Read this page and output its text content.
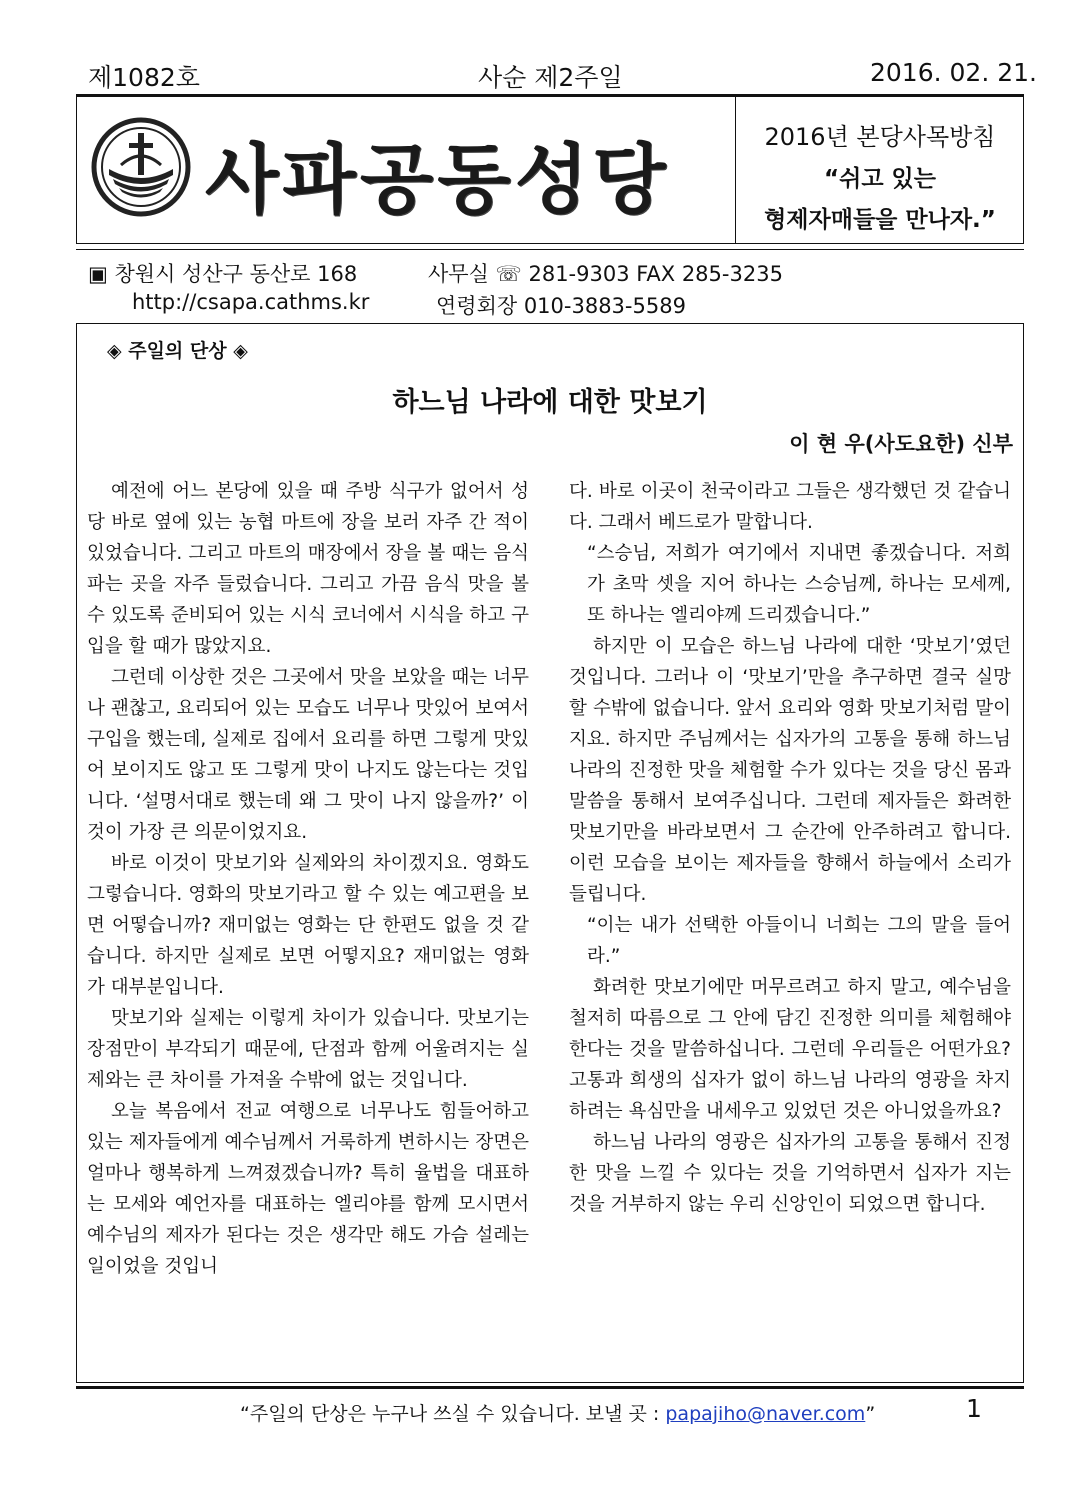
제1082호	사순 제2주일	2016. 02. 21.
사파공동성당	2016년 본당사목방침
“쉬고 있는
형제자매들을 만나자.”
▣ 창원시 성산구 동산로 168	사무실 ☏ 281-9303 FAX 285-3235
http://csapa.cathms.kr	연령회장 010-3883-5589
◈ 주일의 단상 ◈
하느님 나라에 대한 맛보기
이 현 우(사도요한) 신부

예전에 어느 본당에 있을 때 주방 식구가 없어서 성당 바로 옆에 있는 농협 마트에 장을 보러 자주 간 적이 있었습니다. 그리고 마트의 매장에서 장을 볼 때는 음식 파는 곳을 자주 들렀습니다. 그리고 가끔 음식 맛을 볼 수 있도록 준비되어 있는 시식 코너에서 시식을 하고 구입을 할 때가 많았지요.

그런데 이상한 것은 그곳에서 맛을 보았을 때는 너무나 괜찮고, 요리되어 있는 모습도 너무나 맛있어 보여서 구입을 했는데, 실제로 집에서 요리를 하면 그렇게 맛있어 보이지도 않고 또 그렇게 맛이 나지도 않는다는 것입니다. ‘설명서대로 했는데 왜 그 맛이 나지 않을까?’ 이것이 가장 큰 의문이었지요.

바로 이것이 맛보기와 실제와의 차이겠지요. 영화도 그렇습니다. 영화의 맛보기라고 할 수 있는 예고편을 보면 어떻습니까? 재미없는 영화는 단 한편도 없을 것 같습니다. 하지만 실제로 보면 어떻지요? 재미없는 영화가 대부분입니다.

맛보기와 실제는 이렇게 차이가 있습니다. 맛보기는 장점만이 부각되기 때문에, 단점과 함께 어울려지는 실제와는 큰 차이를 가져올 수밖에 없는 것입니다.

오늘 복음에서 전교 여행으로 너무나도 힘들어하고 있는 제자들에게 예수님께서 거룩하게 변하시는 장면은 얼마나 행복하게 느껴졌겠습니까? 특히 율법을 대표하는 모세와 예언자를 대표하는 엘리야를 함께 모시면서 예수님의 제자가 된다는 것은 생각만 해도 가슴 설레는 일이었을 것입니

다. 바로 이곳이 천국이라고 그들은 생각했던 것 같습니다. 그래서 베드로가 말합니다.

“스승님, 저희가 여기에서 지내면 좋겠습니다. 저희가 초막 셋을 지어 하나는 스승님께, 하나는 모세께, 또 하나는 엘리야께 드리겠습니다.”

하지만 이 모습은 하느님 나라에 대한 ‘맛보기’였던 것입니다. 그러나 이 ‘맛보기’만을 추구하면 결국 실망할 수밖에 없습니다. 앞서 요리와 영화 맛보기처럼 말이지요. 하지만 주님께서는 십자가의 고통을 통해 하느님 나라의 진정한 맛을 체험할 수가 있다는 것을 당신 몸과 말씀을 통해서 보여주십니다. 그런데 제자들은 화려한 맛보기만을 바라보면서 그 순간에 안주하려고 합니다. 이런 모습을 보이는 제자들을 향해서 하늘에서 소리가 들립니다.

“이는 내가 선택한 아들이니 너희는 그의 말을 들어라.”

화려한 맛보기에만 머무르려고 하지 말고, 예수님을 철저히 따름으로 그 안에 담긴 진정한 의미를 체험해야 한다는 것을 말씀하십니다. 그런데 우리들은 어떤가요? 고통과 희생의 십자가 없이 하느님 나라의 영광을 차지하려는 욕심만을 내세우고 있었던 것은 아니었을까요?

하느님 나라의 영광은 십자가의 고통을 통해서 진정한 맛을 느낄 수 있다는 것을 기억하면서 십자가 지는 것을 거부하지 않는 우리 신앙인이 되었으면 합니다.

“주일의 단상은 누구나 쓰실 수 있습니다. 보낼 곳 : papajiho@naver.com”	1
